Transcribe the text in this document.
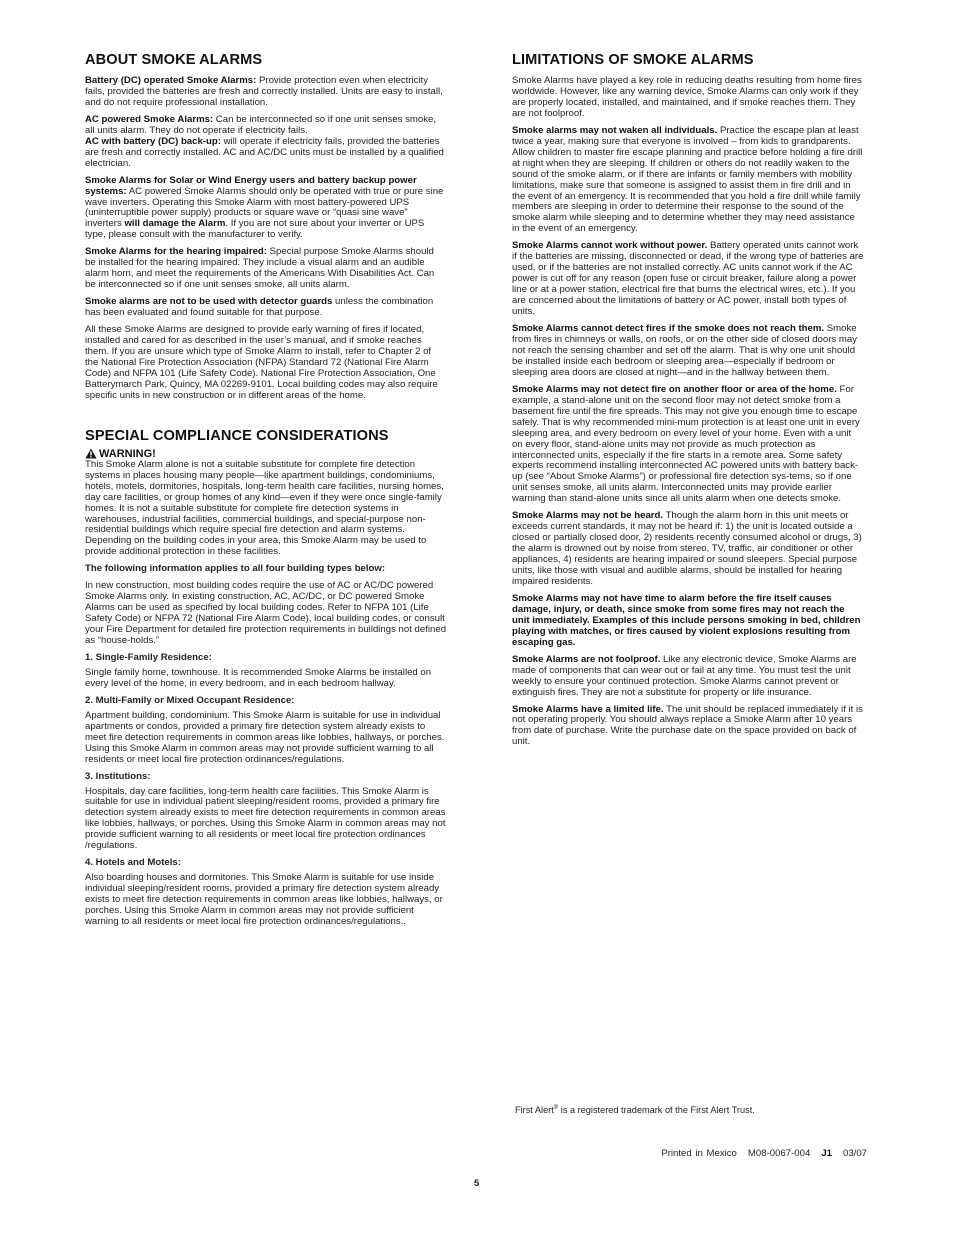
ABOUT SMOKE ALARMS

Battery (DC) operated Smoke Alarms: Provide protection even when electricity fails, provided the batteries are fresh and correctly installed. Units are easy to install, and do not require professional installation.

AC powered Smoke Alarms: Can be interconnected so if one unit senses smoke, all units alarm. They do not operate if electricity fails.

AC with battery (DC) back-up: will operate if electricity fails, provided the batteries are fresh and correctly installed. AC and AC/DC units must be installed by a qualified electrician.

Smoke Alarms for Solar or Wind Energy users and battery backup power systems: AC powered Smoke Alarms should only be operated with true or pure sine wave inverters. Operating this Smoke Alarm with most battery-powered UPS (uninterruptible power supply) products or square wave or “quasi sine wave” inverters will damage the Alarm. If you are not sure about your inverter or UPS type, please consult with the manufacturer to verify.

Smoke Alarms for the hearing impaired: Special purpose Smoke Alarms should be installed for the hearing impaired. They include a visual alarm and an audible alarm horn, and meet the requirements of the Americans With Disabilities Act. Can be interconnected so if one unit senses smoke, all units alarm.

Smoke alarms are not to be used with detector guards unless the combination has been evaluated and found suitable for that purpose.

All these Smoke Alarms are designed to provide early warning of fires if located, installed and cared for as described in the user’s manual, and if smoke reaches them. If you are unsure which type of Smoke Alarm to install, refer to Chapter 2 of the National Fire Protection Association (NFPA) Standard 72 (National Fire Alarm Code) and NFPA 101 (Life Safety Code). National Fire Protection Association, One Batterymarch Park, Quincy, MA 02269-9101. Local building codes may also require specific units in new construction or in different areas of the home.

SPECIAL COMPLIANCE CONSIDERATIONS
WARNING!

This Smoke Alarm alone is not a suitable substitute for complete fire detection systems in places housing many people—like apartment buildings, condominiums, hotels, motels, dormitories, hospitals, long-term health care facilities, nursing homes, day care facilities, or group homes of any kind—even if they were once single-family homes. It is not a suitable substitute for complete fire detection systems in warehouses, industrial facilities, commercial buildings, and special-purpose non-residential buildings which require special fire detection and alarm systems. Depending on the building codes in your area, this Smoke Alarm may be used to provide additional protection in these facilities.

The following information applies to all four building types below:

In new construction, most building codes require the use of AC or AC/DC powered Smoke Alarms only. In existing construction, AC, AC/DC, or DC powered Smoke Alarms can be used as specified by local building codes. Refer to NFPA 101 (Life Safety Code) or NFPA 72 (National Fire Alarm Code), local building codes, or consult your Fire Department for detailed fire protection requirements in buildings not defined as “house-holds.”

1. Single-Family Residence:

Single family home, townhouse. It is recommended Smoke Alarms be installed on every level of the home, in every bedroom, and in each bedroom hallway.

2. Multi-Family or Mixed Occupant Residence:

Apartment building, condominium. This Smoke Alarm is suitable for use in individual apartments or condos, provided a primary fire detection system already exists to meet fire detection requirements in common areas like lobbies, hallways, or porches. Using this Smoke Alarm in common areas may not provide sufficient warning to all residents or meet local fire protection ordinances/regulations.

3. Institutions:

Hospitals, day care facilities, long-term health care facilities. This Smoke Alarm is suitable for use in individual patient sleeping/resident rooms, provided a primary fire detection system already exists to meet fire detection requirements in common areas like lobbies, hallways, or porches. Using this Smoke Alarm in common areas may not provide sufficient warning to all residents or meet local fire protection ordinances /regulations.

4. Hotels and Motels:

Also boarding houses and dormitories. This Smoke Alarm is suitable for use inside individual sleeping/resident rooms, provided a primary fire detection system already exists to meet fire detection requirements in common areas like lobbies, hallways, or porches. Using this Smoke Alarm in common areas may not provide sufficient warning to all residents or meet local fire protection ordinances/regulations..

LIMITATIONS OF SMOKE ALARMS

Smoke Alarms have played a key role in reducing deaths resulting from home fires worldwide. However, like any warning device, Smoke Alarms can only work if they are properly located, installed, and maintained, and if smoke reaches them. They are not foolproof.

Smoke alarms may not waken all individuals. Practice the escape plan at least twice a year, making sure that everyone is involved – from kids to grandparents. Allow children to master fire escape planning and practice before holding a fire drill at night when they are sleeping. If children or others do not readily waken to the sound of the smoke alarm, or if there are infants or family members with mobility limitations, make sure that someone is assigned to assist them in fire drill and in the event of an emergency. It is recommended that you hold a fire drill while family members are sleeping in order to determine their response to the sound of the smoke alarm while sleeping and to determine whether they may need assistance in the event of an emergency.

Smoke Alarms cannot work without power. Battery operated units cannot work if the batteries are missing, disconnected or dead, if the wrong type of batteries are used, or if the batteries are not installed correctly. AC units cannot work if the AC power is cut off for any reason (open fuse or circuit breaker, failure along a power line or at a power station, electrical fire that burns the electrical wires, etc.). If you are concerned about the limitations of battery or AC power, install both types of units.

Smoke Alarms cannot detect fires if the smoke does not reach them. Smoke from fires in chimneys or walls, on roofs, or on the other side of closed doors may not reach the sensing chamber and set off the alarm. That is why one unit should be installed inside each bedroom or sleeping area—especially if bedroom or sleeping area doors are closed at night—and in the hallway between them.

Smoke Alarms may not detect fire on another floor or area of the home. For example, a stand-alone unit on the second floor may not detect smoke from a basement fire until the fire spreads. This may not give you enough time to escape safely. That is why recommended mini-mum protection is at least one unit in every sleeping area, and every bedroom on every level of your home. Even with a unit on every floor, stand-alone units may not provide as much protection as interconnected units, especially if the fire starts in a remote area. Some safety experts recommend installing interconnected AC powered units with battery back-up (see “About Smoke Alarms”) or professional fire detection sys-tems, so if one unit senses smoke, all units alarm. Interconnected units may provide earlier warning than stand-alone units since all units alarm when one detects smoke.

Smoke Alarms may not be heard. Though the alarm horn in this unit meets or exceeds current standards, it may not be heard if: 1) the unit is located outside a closed or partially closed door, 2) residents recently consumed alcohol or drugs, 3) the alarm is drowned out by noise from stereo, TV, traffic, air conditioner or other appliances, 4) residents are hearing impaired or sound sleepers. Special purpose units, like those with visual and audible alarms, should be installed for hearing impaired residents.

Smoke Alarms may not have time to alarm before the fire itself causes damage, injury, or death, since smoke from some fires may not reach the unit immediately. Examples of this include persons smoking in bed, children playing with matches, or fires caused by violent explosions resulting from escaping gas.

Smoke Alarms are not foolproof. Like any electronic device, Smoke Alarms are made of components that can wear out or fail at any time. You must test the unit weekly to ensure your continued protection. Smoke Alarms cannot prevent or extinguish fires. They are not a substitute for property or life insurance.

Smoke Alarms have a limited life. The unit should be replaced immediately if it is not operating properly. You should always replace a Smoke Alarm after 10 years from date of purchase. Write the purchase date on the space provided on back of unit.

First Alert® is a registered trademark of the First Alert Trust.
Printed in Mexico M08-0067-004 J1 03/07
5
